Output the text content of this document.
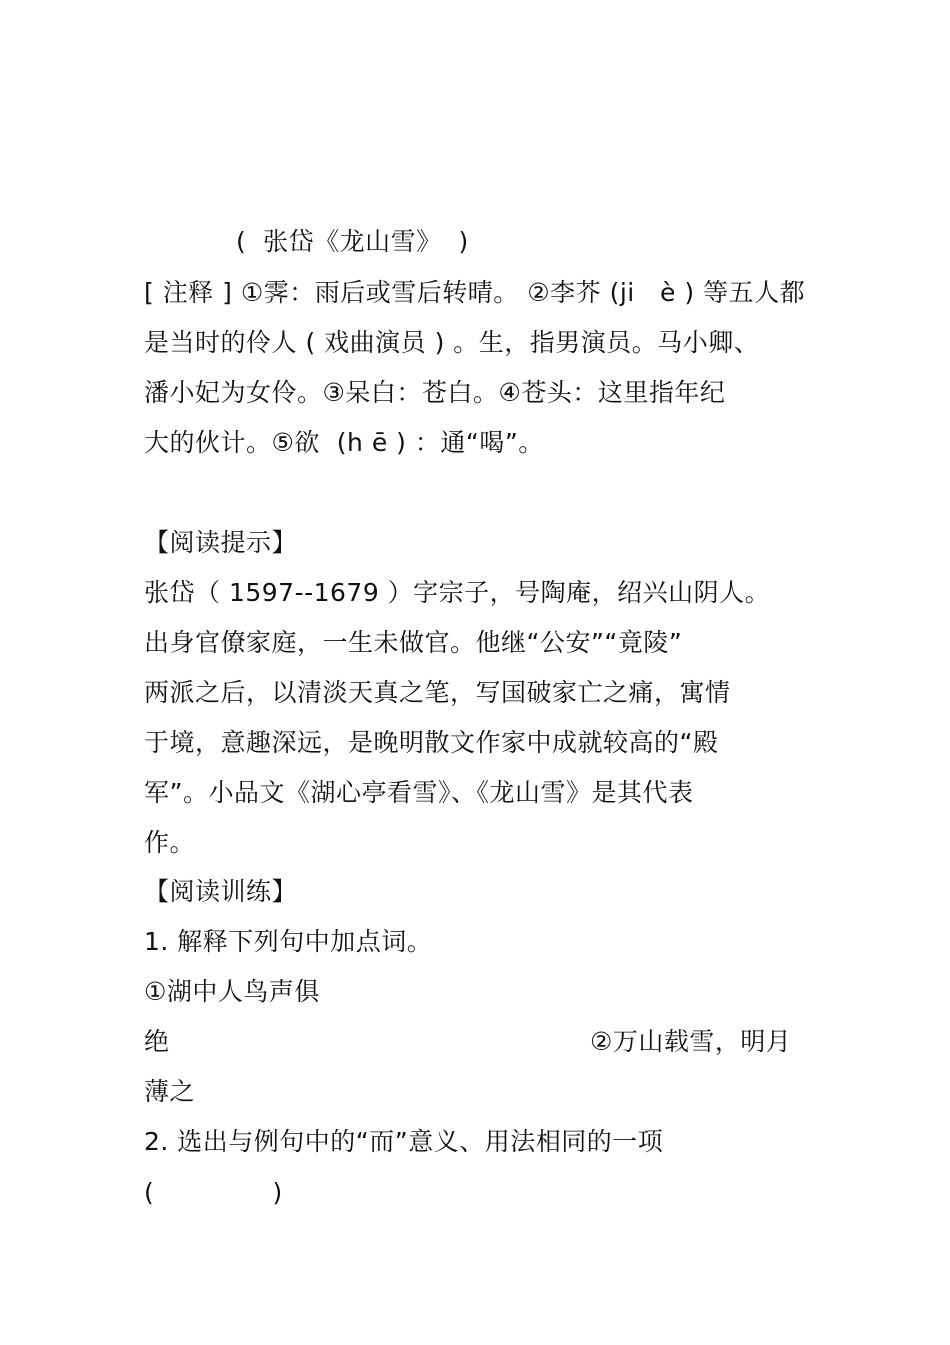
(  张岱《龙山雪》  )
[ 注释 ] ①霁：雨后或雪后转晴。 ②李芥 (ji   è ) 等五人都
是当时的伶人 ( 戏曲演员 ) 。生，指男演员。马小卿、
潘小妃为女伶。③呆白：苍白。④苍头：这里指年纪
大的伙计。⑤欲  (h ē ) ：通“喝”。
【阅读提示】
张岱（ 1597--1679 ）字宗子，号陶庵，绍兴山阴人。
出身官僚家庭，一生未做官。他继“公安”“竟陵”
两派之后，以清淡天真之笔，写国破家亡之痛，寓情
于境，意趣深远，是晚明散文作家中成就较高的“殿
军”。小品文《湖心亭看雪》、《龙山雪》是其代表
作。
【阅读训练】
1. 解释下列句中加点词。
①湖中人鸟声俱
绝	②万山载雪，明月
薄之
2. 选出与例句中的“而”意义、用法相同的一项
(              )
